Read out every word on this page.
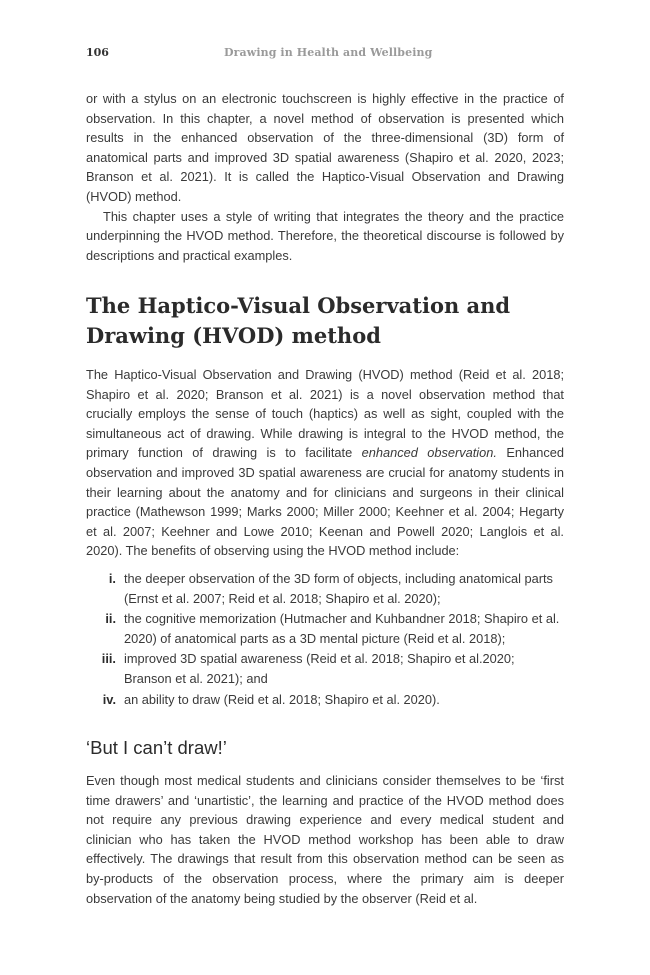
106	Drawing in Health and Wellbeing

or with a stylus on an electronic touchscreen is highly effective in the practice of observation. In this chapter, a novel method of observation is presented which results in the enhanced observation of the three-dimensional (3D) form of anatomical parts and improved 3D spatial awareness (Shapiro et al. 2020, 2023; Branson et al. 2021). It is called the Haptico-Visual Observation and Drawing (HVOD) method.

This chapter uses a style of writing that integrates the theory and the practice underpinning the HVOD method. Therefore, the theoretical discourse is followed by descriptions and practical examples.

The Haptico-Visual Observation and Drawing (HVOD) method

The Haptico-Visual Observation and Drawing (HVOD) method (Reid et al. 2018; Shapiro et al. 2020; Branson et al. 2021) is a novel observation method that crucially employs the sense of touch (haptics) as well as sight, coupled with the simultaneous act of drawing. While drawing is integral to the HVOD method, the primary function of drawing is to facilitate enhanced observation. Enhanced observation and improved 3D spatial awareness are crucial for anatomy students in their learning about the anatomy and for clinicians and surgeons in their clinical practice (Mathewson 1999; Marks 2000; Miller 2000; Keehner et al. 2004; Hegarty et al. 2007; Keehner and Lowe 2010; Keenan and Powell 2020; Langlois et al. 2020). The benefits of observing using the HVOD method include:

i. the deeper observation of the 3D form of objects, including anatomical parts (Ernst et al. 2007; Reid et al. 2018; Shapiro et al. 2020);
ii. the cognitive memorization (Hutmacher and Kuhbandner 2018; Shapiro et al. 2020) of anatomical parts as a 3D mental picture (Reid et al. 2018);
iii. improved 3D spatial awareness (Reid et al. 2018; Shapiro et al.2020; Branson et al. 2021); and
iv. an ability to draw (Reid et al. 2018; Shapiro et al. 2020).
‘But I can’t draw!’

Even though most medical students and clinicians consider themselves to be ‘first time drawers’ and ‘unartistic’, the learning and practice of the HVOD method does not require any previous drawing experience and every medical student and clinician who has taken the HVOD method workshop has been able to draw effectively. The drawings that result from this observation method can be seen as by-products of the observation process, where the primary aim is deeper observation of the anatomy being studied by the observer (Reid et al.
